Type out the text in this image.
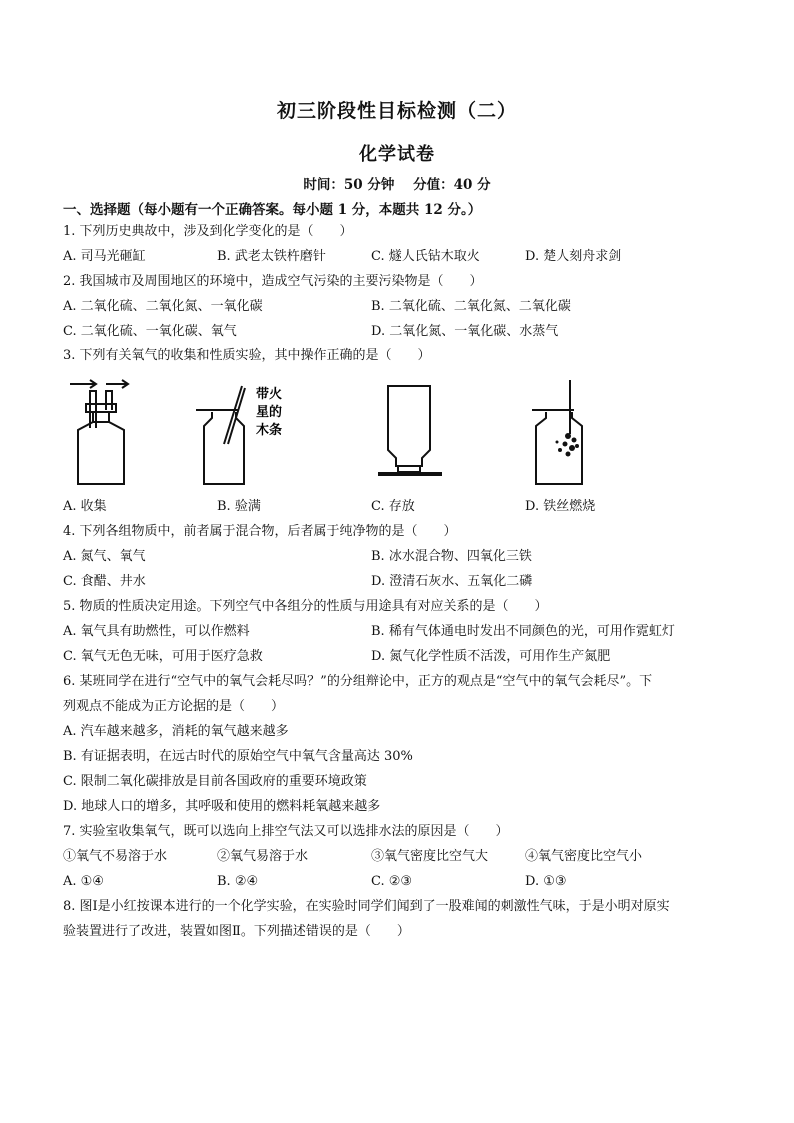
初三阶段性目标检测（二）
化学试卷
时间：50 分钟 分值：40 分
一、选择题（每小题有一个正确答案。每小题 1 分，本题共 12 分。）
1. 下列历史典故中，涉及到化学变化的是（　　）
A. 司马光砸缸	B. 武老太铁杵磨针	C. 燧人氏钻木取火	D. 楚人刻舟求剑
2. 我国城市及周围地区的环境中，造成空气污染的主要污染物是（　　）
A. 二氧化硫、二氧化氮、一氧化碳	B. 二氧化硫、二氧化氮、二氧化碳
C. 二氧化硫、一氧化碳、氧气	D. 二氧化氮、一氧化碳、水蒸气
3. 下列有关氧气的收集和性质实验，其中操作正确的是（　　）
带火
星的
木条
A. 收集	B. 验满	C. 存放	D. 铁丝燃烧
4. 下列各组物质中，前者属于混合物，后者属于纯净物的是（　　）
A. 氮气、氧气	B. 冰水混合物、四氧化三铁
C. 食醋、井水	D. 澄清石灰水、五氧化二磷
5. 物质的性质决定用途。下列空气中各组分的性质与用途具有对应关系的是（　　）
A. 氧气具有助燃性，可以作燃料	B. 稀有气体通电时发出不同颜色的光，可用作霓虹灯
C. 氧气无色无味，可用于医疗急救	D. 氮气化学性质不活泼，可用作生产氮肥
6. 某班同学在进行“空气中的氧气会耗尽吗？”的分组辩论中，正方的观点是“空气中的氧气会耗尽”。下
列观点不能成为正方论据的是（　　）
A. 汽车越来越多，消耗的氧气越来越多
B. 有证据表明，在远古时代的原始空气中氧气含量高达 30%
C. 限制二氧化碳排放是目前各国政府的重要环境政策
D. 地球人口的增多，其呼吸和使用的燃料耗氧越来越多
7. 实验室收集氧气，既可以选向上排空气法又可以选排水法的原因是（　　）
①氧气不易溶于水	②氧气易溶于水	③氧气密度比空气大	④氧气密度比空气小
A. ①④	B. ②④	C. ②③	D. ①③
8. 图Ⅰ是小红按课本进行的一个化学实验，在实验时同学们闻到了一股难闻的刺激性气味，于是小明对原实
验装置进行了改进，装置如图Ⅱ。下列描述错误的是（　　）
